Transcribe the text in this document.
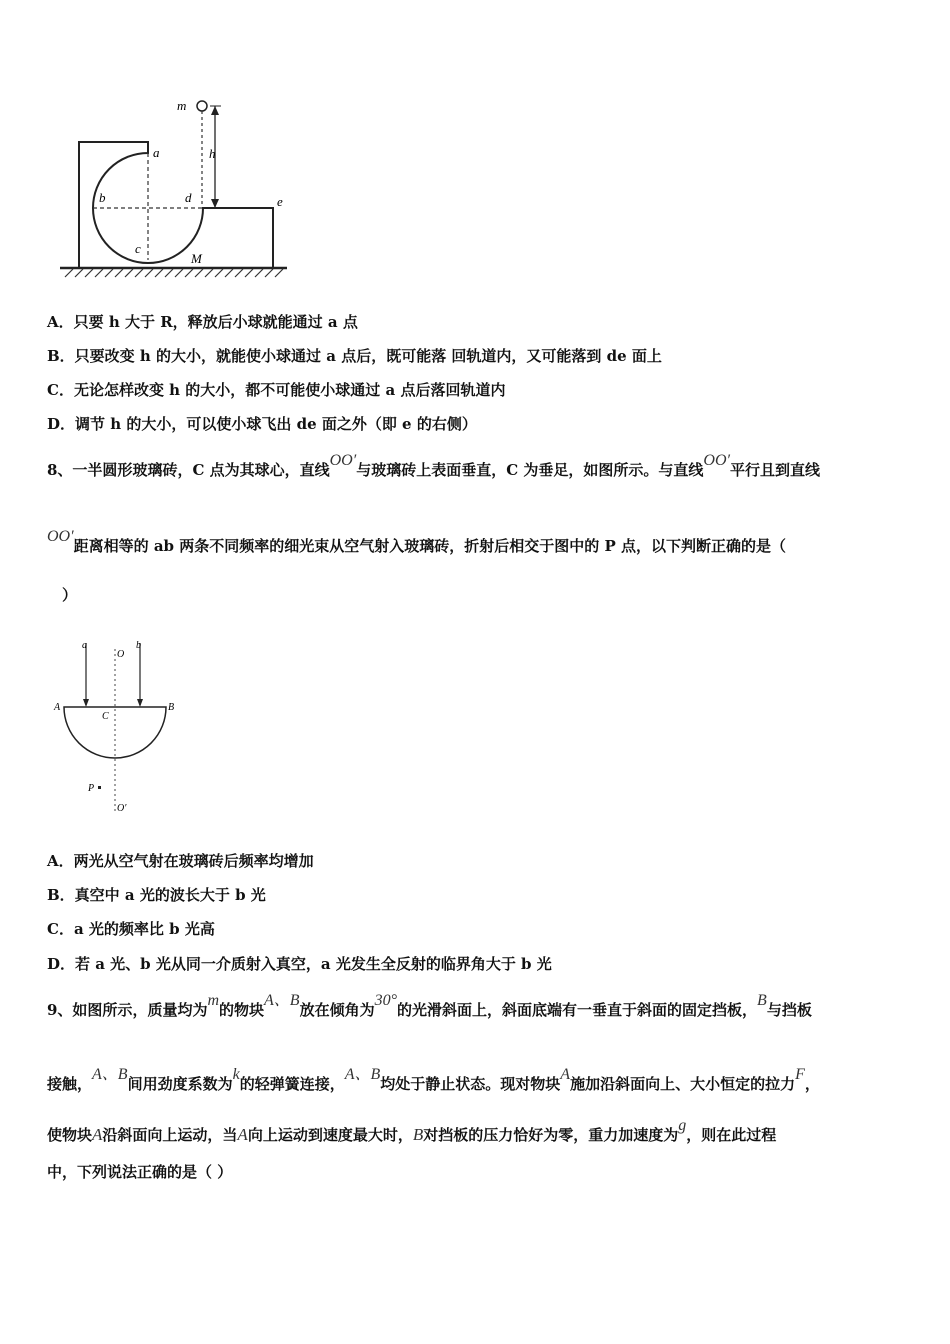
m
h
a
b	d	e
c
M
A．只要 h 大于 R，释放后小球就能通过 a 点
B．只要改变 h 的大小，就能使小球通过 a 点后，既可能落 回轨道内，又可能落到 de 面上
C．无论怎样改变 h 的大小，都不可能使小球通过 a 点后落回轨道内
D．调节 h 的大小，可以使小球飞出 de 面之外（即 e 的右侧）
8、一半圆形玻璃砖，C 点为其球心，直线OO′与玻璃砖上表面垂直，C 为垂足，如图所示。与直线OO′平行且到直线
OO′距离相等的 ab 两条不同频率的细光束从空气射入玻璃砖，折射后相交于图中的 P 点，以下判断正确的是（
）
a
O
b
A	B
C
P
O′
A．两光从空气射在玻璃砖后频率均增加
B．真空中 a 光的波长大于 b 光
C．a 光的频率比 b 光高
D．若 a 光、b 光从同一介质射入真空，a 光发生全反射的临界角大于 b 光
9、如图所示，质量均为m的物块A、B放在倾角为30°的光滑斜面上，斜面底端有一垂直于斜面的固定挡板，B与挡板
接触，A、B间用劲度系数为k的轻弹簧连接，A、B均处于静止状态。现对物块A施加沿斜面向上、大小恒定的拉力F，
使物块A沿斜面向上运动，当A向上运动到速度最大时，B对挡板的压力恰好为零，重力加速度为g，则在此过程
中，下列说法正确的是（ ）
